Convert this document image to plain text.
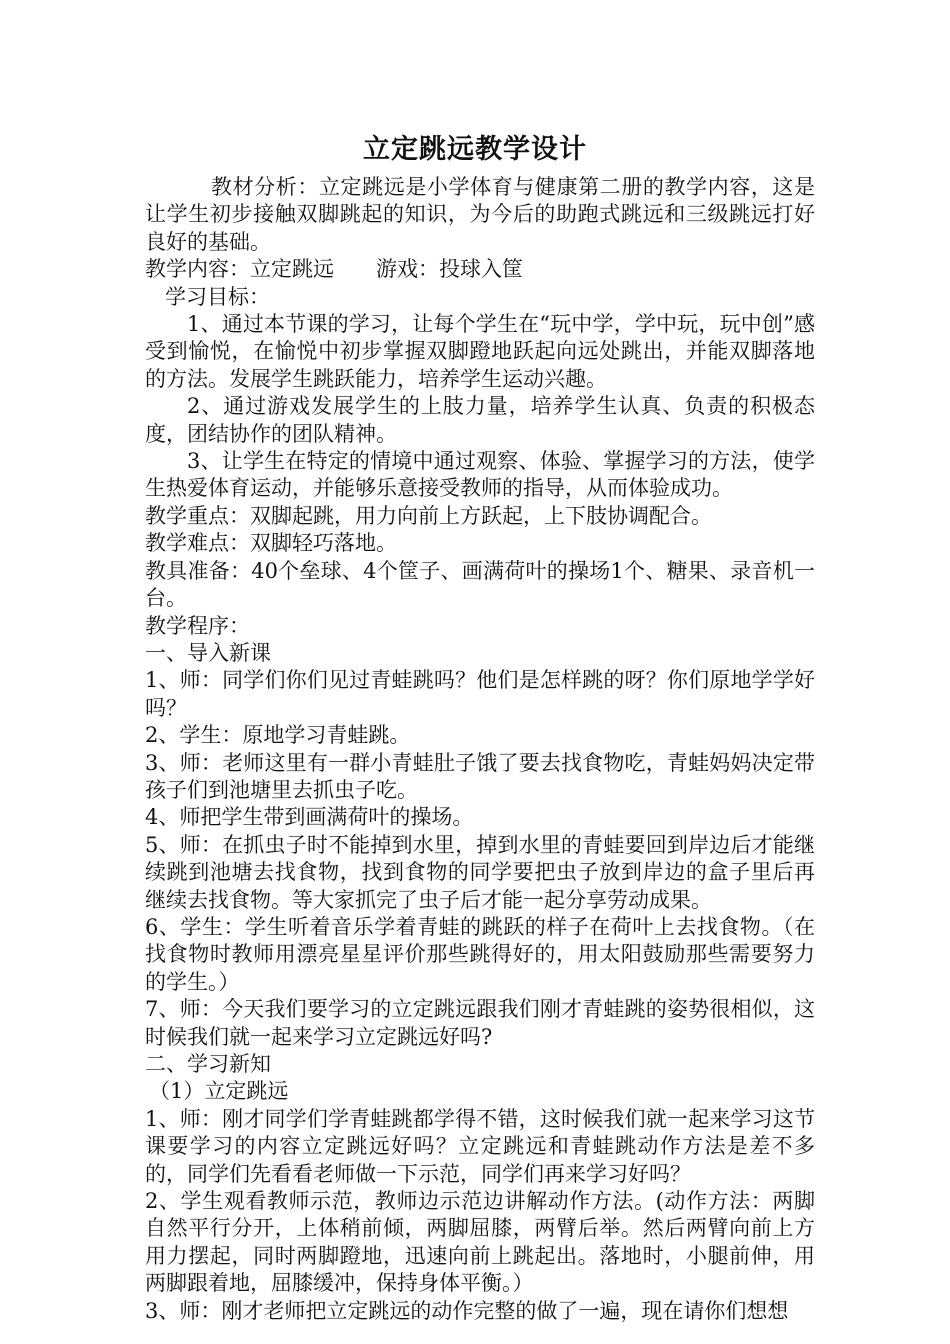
立定跳远教学设计

教材分析：立定跳远是小学体育与健康第二册的教学内容，这是让学生初步接触双脚跳起的知识，为今后的助跑式跳远和三级跳远打好良好的基础。

教学内容：立定跳远　　游戏：投球入筐

学习目标：

1、通过本节课的学习，让每个学生在“玩中学，学中玩，玩中创”感受到愉悦，在愉悦中初步掌握双脚蹬地跃起向远处跳出，并能双脚落地的方法。发展学生跳跃能力，培养学生运动兴趣。

2、通过游戏发展学生的上肢力量，培养学生认真、负责的积极态度，团结协作的团队精神。

3、让学生在特定的情境中通过观察、体验、掌握学习的方法，使学生热爱体育运动，并能够乐意接受教师的指导，从而体验成功。

教学重点：双脚起跳，用力向前上方跃起，上下肢协调配合。

教学难点：双脚轻巧落地。

教具准备：40个垒球、4个筐子、画满荷叶的操场1个、糖果、录音机一台。

教学程序：

一、导入新课

1、师：同学们你们见过青蛙跳吗？他们是怎样跳的呀？你们原地学学好吗？

2、学生：原地学习青蛙跳。

3、师：老师这里有一群小青蛙肚子饿了要去找食物吃，青蛙妈妈决定带孩子们到池塘里去抓虫子吃。

4、师把学生带到画满荷叶的操场。

5、师：在抓虫子时不能掉到水里，掉到水里的青蛙要回到岸边后才能继续跳到池塘去找食物，找到食物的同学要把虫子放到岸边的盒子里后再继续去找食物。等大家抓完了虫子后才能一起分享劳动成果。

6、学生：学生听着音乐学着青蛙的跳跃的样子在荷叶上去找食物。（在找食物时教师用漂亮星星评价那些跳得好的，用太阳鼓励那些需要努力的学生。）

7、师：今天我们要学习的立定跳远跟我们刚才青蛙跳的姿势很相似，这时候我们就一起来学习立定跳远好吗?

二、学习新知

（1）立定跳远

1、师：刚才同学们学青蛙跳都学得不错，这时候我们就一起来学习这节课要学习的内容立定跳远好吗？立定跳远和青蛙跳动作方法是差不多的，同学们先看看老师做一下示范，同学们再来学习好吗？

2、学生观看教师示范，教师边示范边讲解动作方法。(动作方法：两脚自然平行分开，上体稍前倾，两脚屈膝，两臂后举。然后两臂向前上方用力摆起，同时两脚蹬地，迅速向前上跳起出。落地时，小腿前伸，用两脚跟着地，屈膝缓冲，保持身体平衡。）

3、师：刚才老师把立定跳远的动作完整的做了一遍，现在请你们想想
